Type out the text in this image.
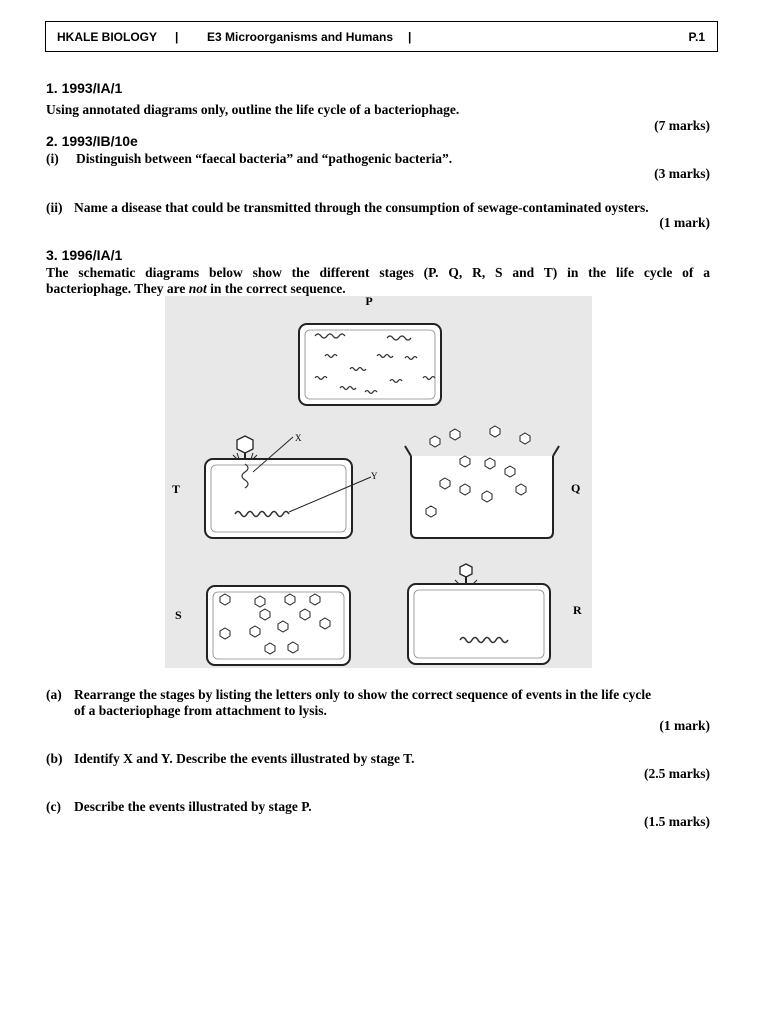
HKALE BIOLOGY | E3 Microorganisms and Humans |	P.1
1. 1993/IA/1
Using annotated diagrams only, outline the life cycle of a bacteriophage.
(7 marks)
2. 1993/IB/10e
(i) Distinguish between “faecal bacteria” and “pathogenic bacteria”.
(3 marks)
(ii) Name a disease that could be transmitted through the consumption of sewage-contaminated oysters.
(1 mark)
3. 1996/IA/1
The schematic diagrams below show the different stages (P. Q, R, S and T) in the life cycle of a
bacteriophage. They are not in the correct sequence.
P
X
Y
T	Q
S	R
(a) Rearrange the stages by listing the letters only to show the correct sequence of events in the life cycle
of a bacteriophage from attachment to lysis.
(1 mark)
(b) Identify X and Y. Describe the events illustrated by stage T.
(2.5 marks)
(c) Describe the events illustrated by stage P.
(1.5 marks)
